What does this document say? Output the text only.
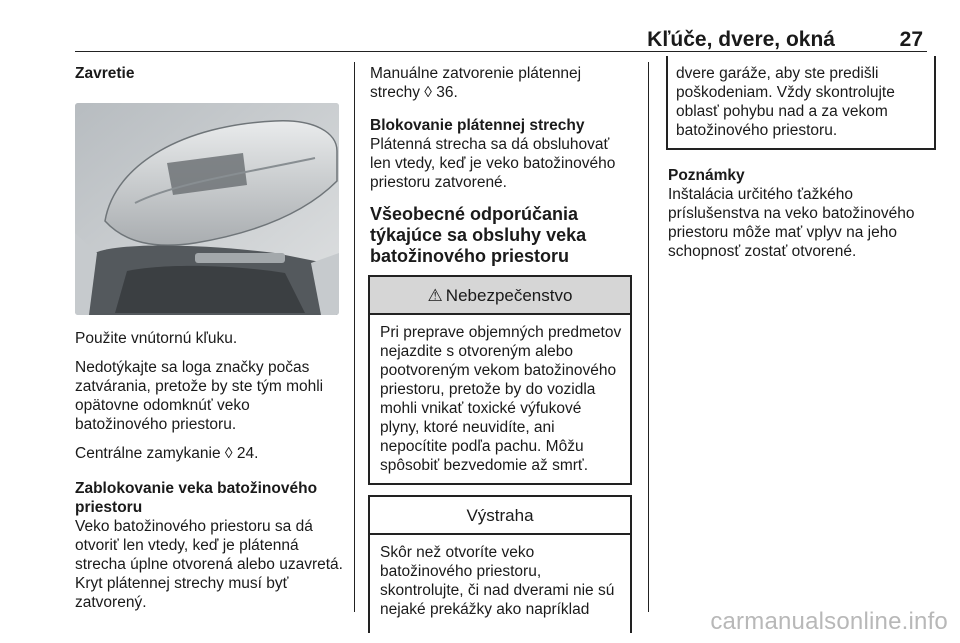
Kľúče, dvere, okná	27
Zavretie

Použite vnútornú kľuku.

Nedotýkajte sa loga značky počas zatvárania, pretože by ste tým mohli opätovne odomknúť veko batožinového priestoru.

Centrálne zamykanie ◊ 24.

Zablokovanie veka batožinového priestoru

Veko batožinového priestoru sa dá otvoriť len vtedy, keď je plátenná strecha úplne otvorená alebo uzavretá. Kryt plátennej strechy musí byť zatvorený.

Manuálne zatvorenie plátennej strechy ◊ 36.

Blokovanie plátennej strechy

Plátenná strecha sa dá obsluhovať len vtedy, keď je veko batožinového priestoru zatvorené.

Všeobecné odporúčania týkajúce sa obsluhy veka batožinového priestoru
⚠ Nebezpečenstvo
Pri preprave objemných predmetov nejazdite s otvoreným alebo pootvoreným vekom batožinového priestoru, pretože by do vozidla mohli vnikať toxické výfukové plyny, ktoré neuvidíte, ani nepocítite podľa pachu. Môžu spôsobiť bezvedomie až smrť.
Výstraha
Skôr než otvoríte veko batožinového priestoru, skontrolujte, či nad dverami nie sú nejaké prekážky ako napríklad
dvere garáže, aby ste predišli poškodeniam. Vždy skontrolujte oblasť pohybu nad a za vekom batožinového priestoru.
Poznámky

Inštalácia určitého ťažkého príslušenstva na veko batožinového priestoru môže mať vplyv na jeho schopnosť zostať otvorené.

carmanualsonline.info
